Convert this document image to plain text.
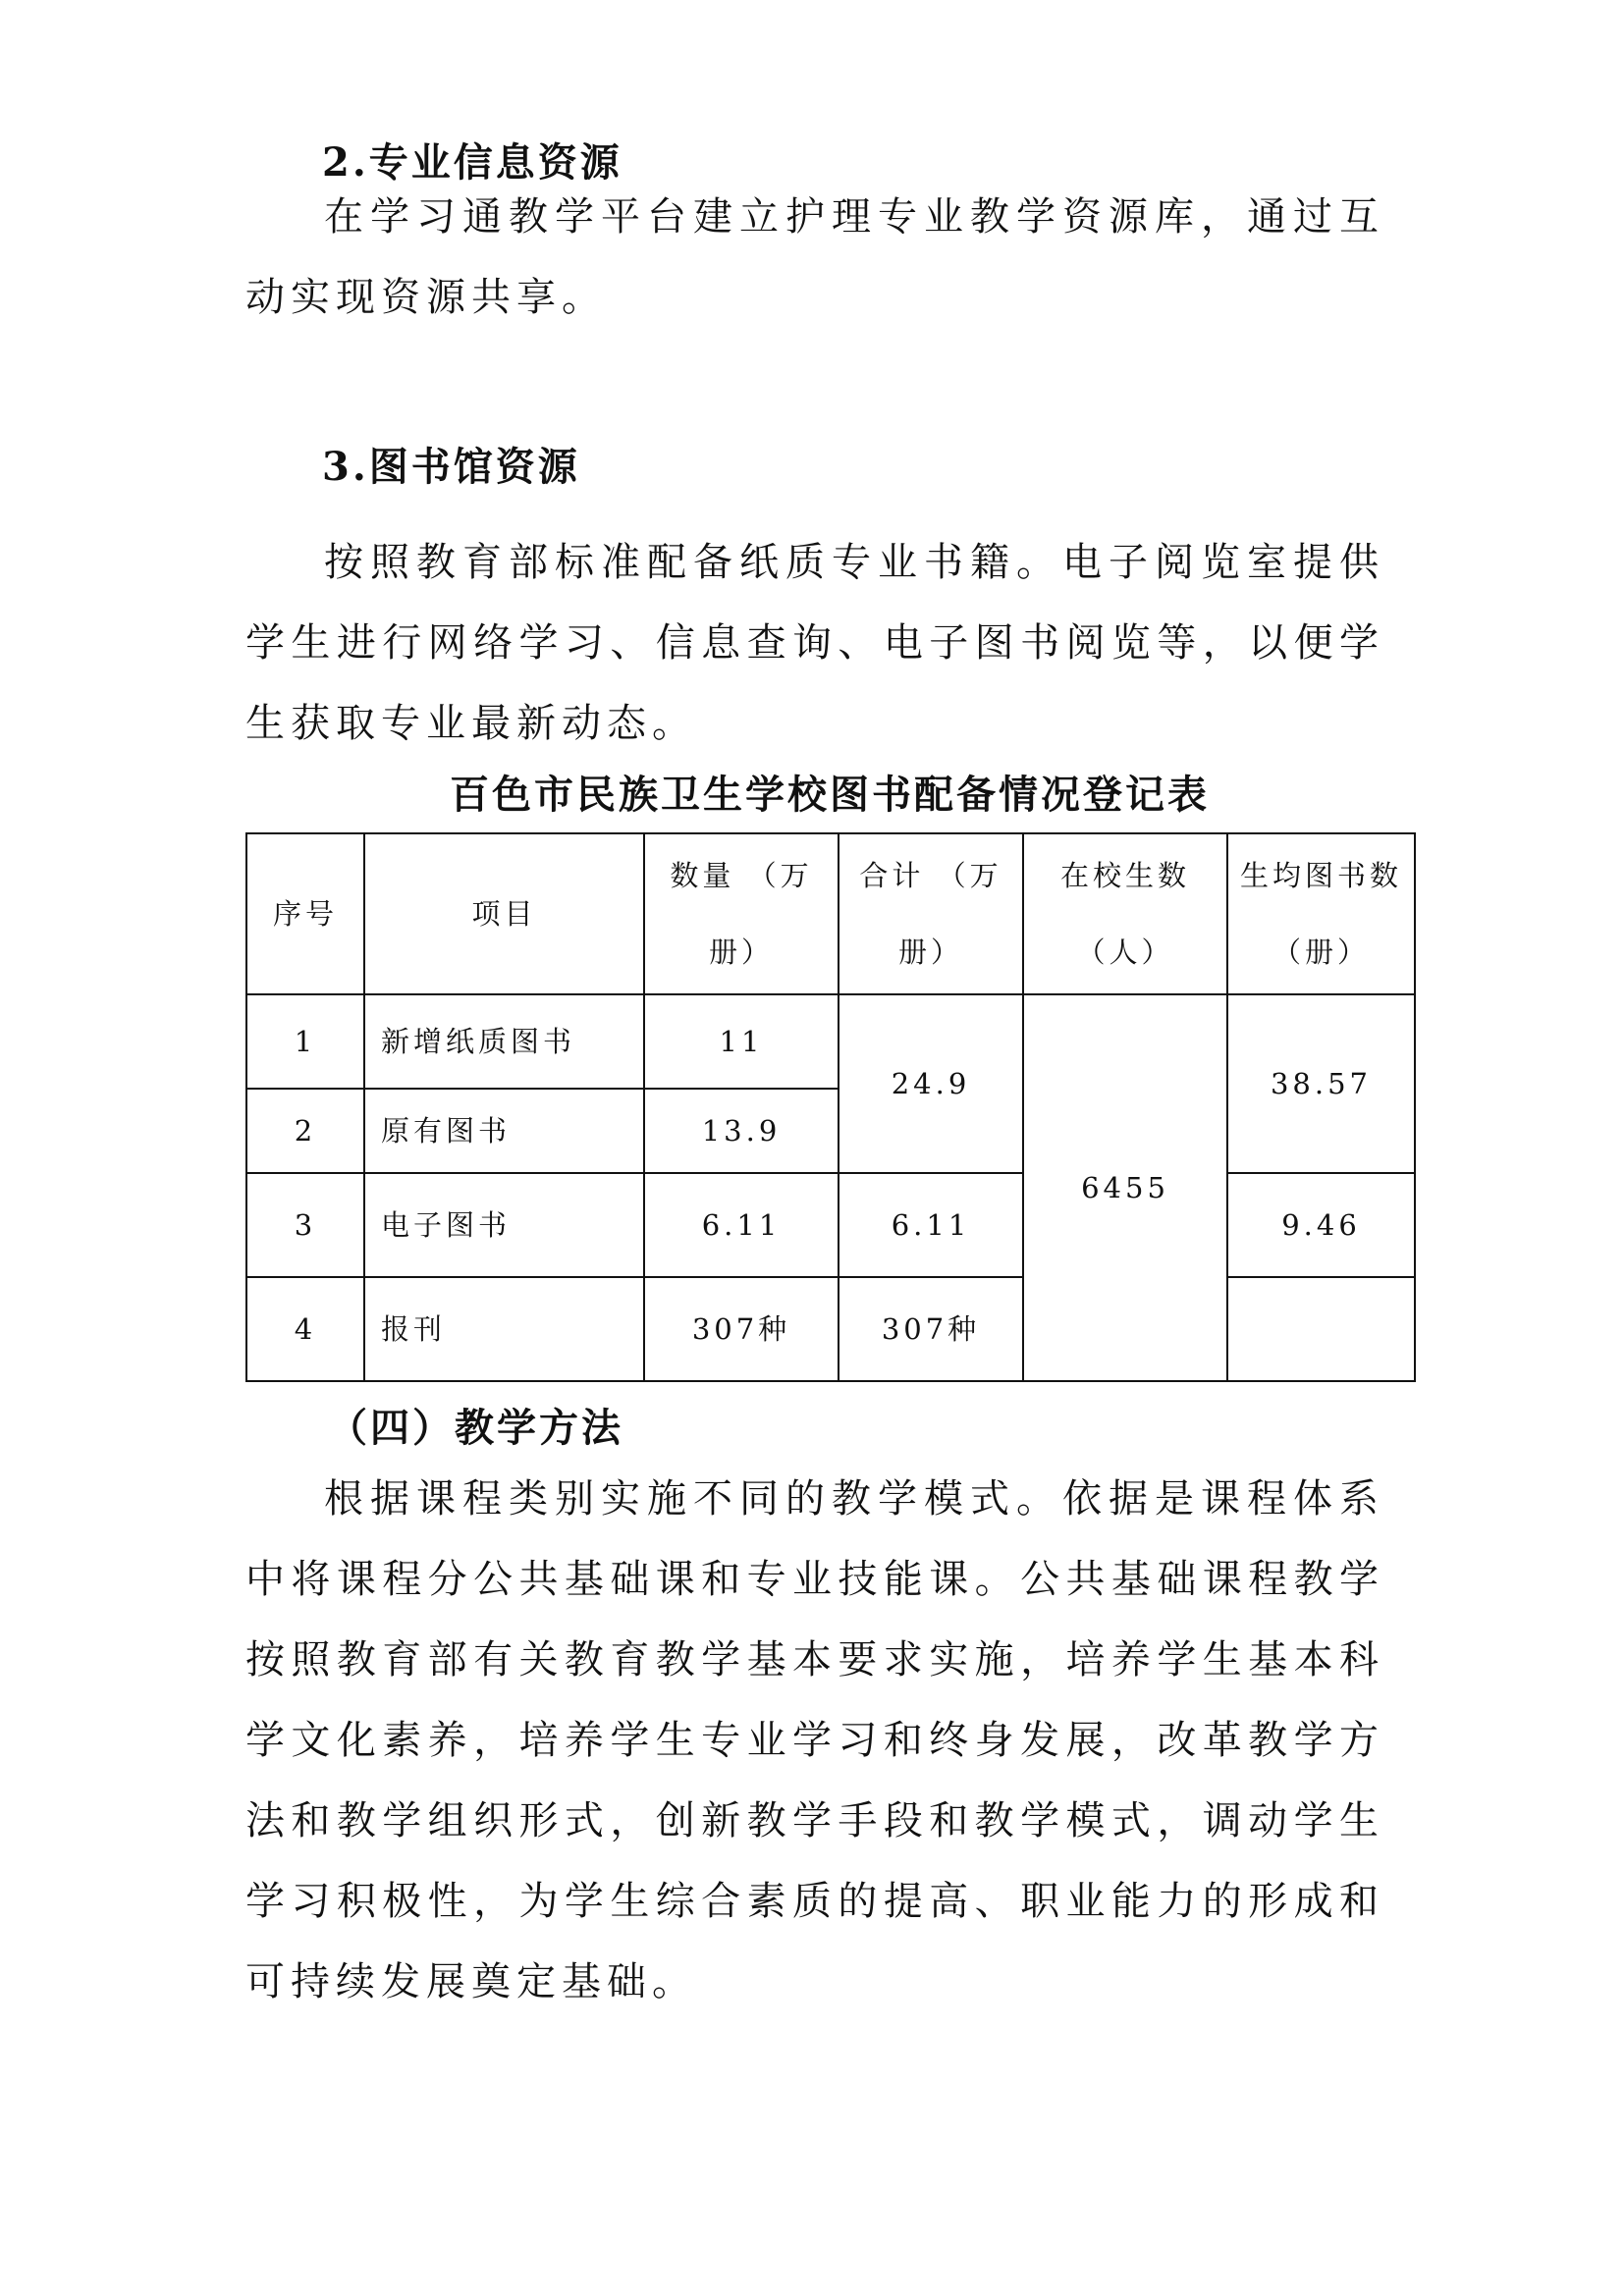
2.专业信息资源

在学习通教学平台建立护理专业教学资源库，通过互动实现资源共享。

3.图书馆资源

按照教育部标准配备纸质专业书籍。电子阅览室提供学生进行网络学习、信息查询、电子图书阅览等，以便学生获取专业最新动态。

百色市民族卫生学校图书配备情况登记表
序号	项目	数量 （万册）	合计 （万册）	在校生数（人）	生均图书数（册）
1	新增纸质图书	11	24.9	6455	38.57
2	原有图书	13.9			
3	电子图书	6.11	6.11		9.46
4	报刊	307种	307种		
（四）教学方法

根据课程类别实施不同的教学模式。依据是课程体系中将课程分公共基础课和专业技能课。公共基础课程教学按照教育部有关教育教学基本要求实施，培养学生基本科学文化素养，培养学生专业学习和终身发展，改革教学方法和教学组织形式，创新教学手段和教学模式，调动学生学习积极性，为学生综合素质的提高、职业能力的形成和可持续发展奠定基础。
